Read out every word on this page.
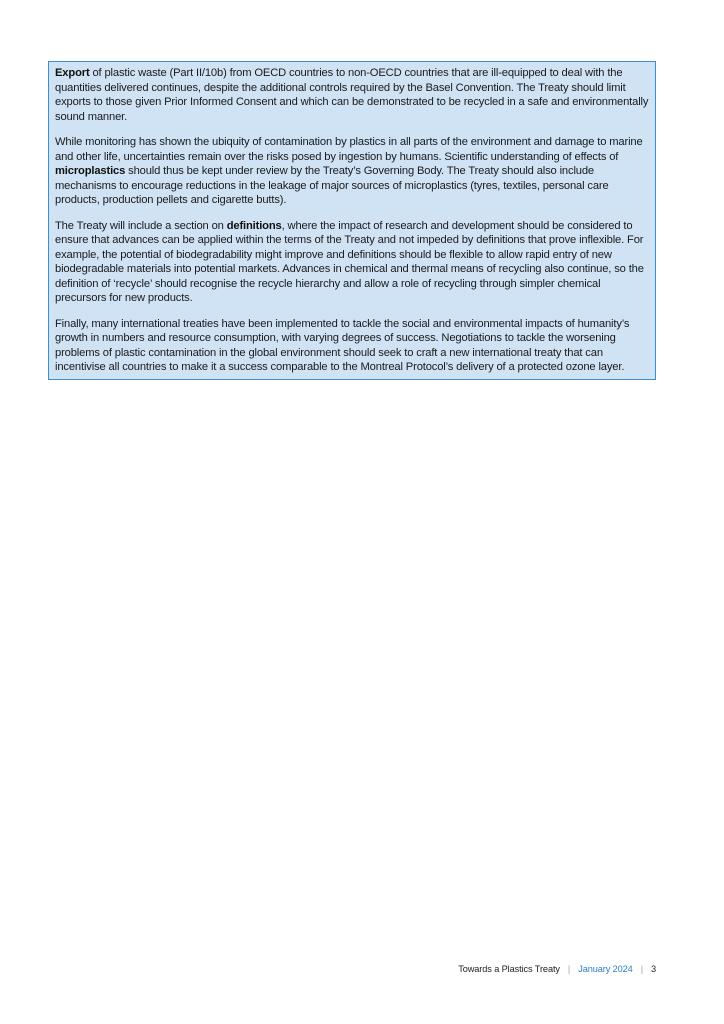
Export of plastic waste (Part II/10b) from OECD countries to non-OECD countries that are ill-equipped to deal with the quantities delivered continues, despite the additional controls required by the Basel Convention. The Treaty should limit exports to those given Prior Informed Consent and which can be demonstrated to be recycled in a safe and environmentally sound manner.

While monitoring has shown the ubiquity of contamination by plastics in all parts of the environment and damage to marine and other life, uncertainties remain over the risks posed by ingestion by humans. Scientific understanding of effects of microplastics should thus be kept under review by the Treaty’s Governing Body. The Treaty should also include mechanisms to encourage reductions in the leakage of major sources of microplastics (tyres, textiles, personal care products, production pellets and cigarette butts).

The Treaty will include a section on definitions, where the impact of research and development should be considered to ensure that advances can be applied within the terms of the Treaty and not impeded by definitions that prove inflexible. For example, the potential of biodegradability might improve and definitions should be flexible to allow rapid entry of new biodegradable materials into potential markets. Advances in chemical and thermal means of recycling also continue, so the definition of ‘recycle’ should recognise the recycle hierarchy and allow a role of recycling through simpler chemical precursors for new products.

Finally, many international treaties have been implemented to tackle the social and environmental impacts of humanity’s growth in numbers and resource consumption, with varying degrees of success. Negotiations to tackle the worsening problems of plastic contamination in the global environment should seek to craft a new international treaty that can incentivise all countries to make it a success comparable to the Montreal Protocol’s delivery of a protected ozone layer.

Towards a Plastics Treaty | January 2024 | 3
